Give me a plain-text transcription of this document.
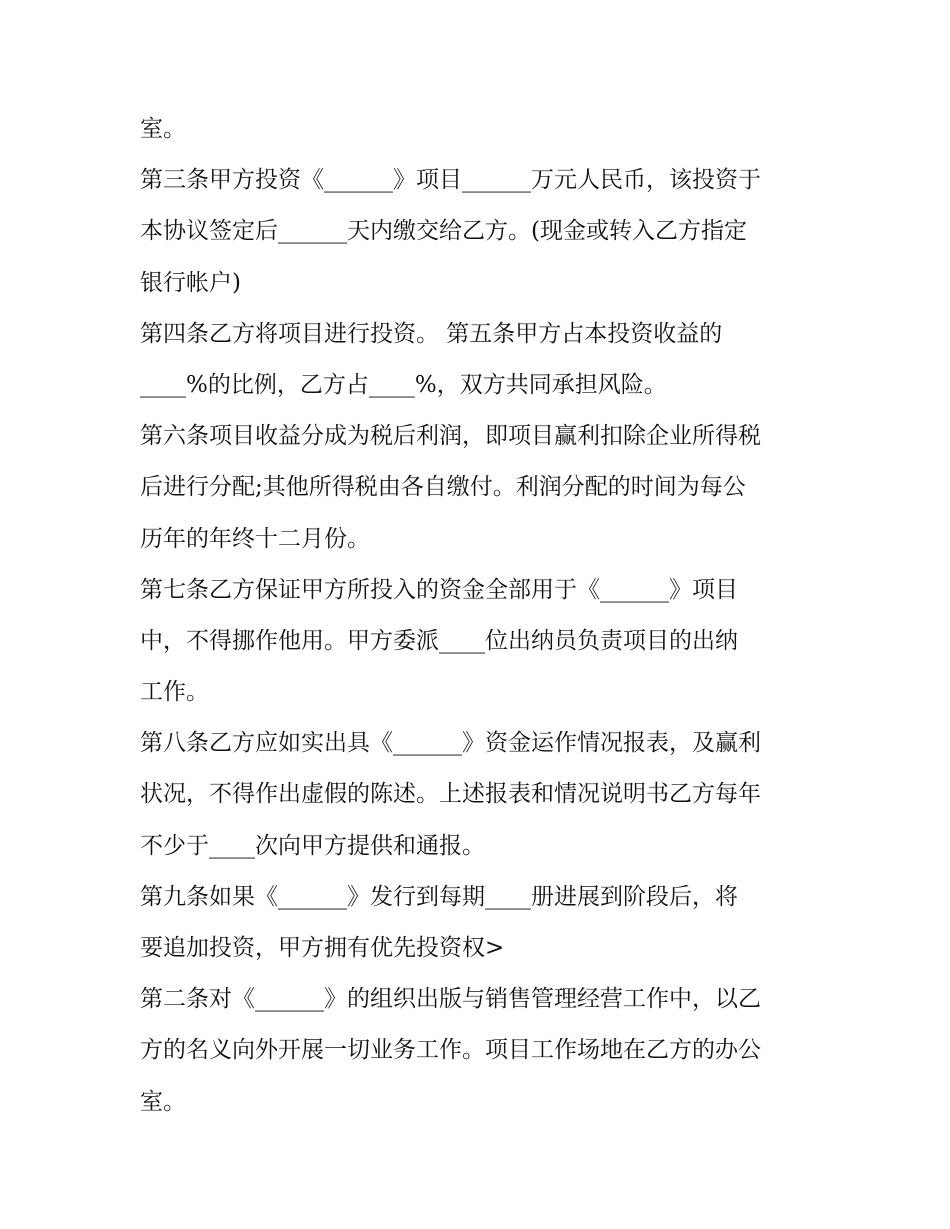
室。
第三条甲方投资《______》项目______万元人民币，该投资于
本协议签定后______天内缴交给乙方。(现金或转入乙方指定
银行帐户)
第四条乙方将项目进行投资。 第五条甲方占本投资收益的
____%的比例，乙方占____%，双方共同承担风险。
第六条项目收益分成为税后利润，即项目赢利扣除企业所得税
后进行分配;其他所得税由各自缴付。利润分配的时间为每公
历年的年终十二月份。
第七条乙方保证甲方所投入的资金全部用于《______》项目
中，不得挪作他用。甲方委派____位出纳员负责项目的出纳
工作。
第八条乙方应如实出具《______》资金运作情况报表，及赢利
状况，不得作出虚假的陈述。上述报表和情况说明书乙方每年
不少于____次向甲方提供和通报。
第九条如果《______》发行到每期____册进展到阶段后，将
要追加投资，甲方拥有优先投资权>
第二条对《______》的组织出版与销售管理经营工作中，以乙
方的名义向外开展一切业务工作。项目工作场地在乙方的办公
室。
